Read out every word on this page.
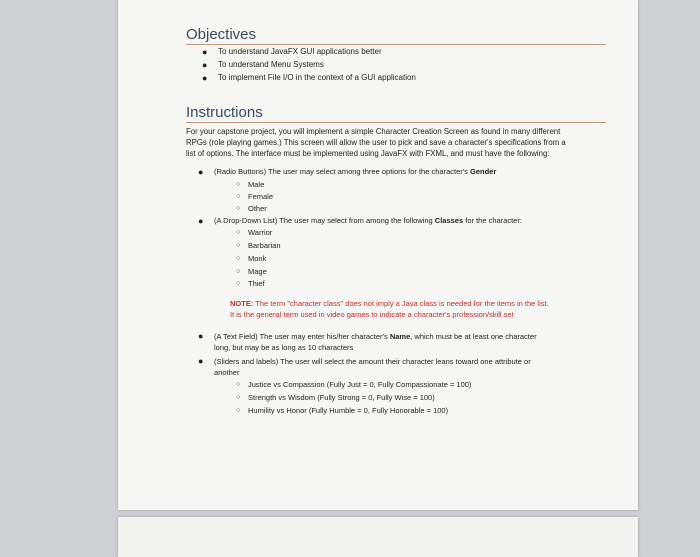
Objectives
● To understand JavaFX GUI applications better
● To understand Menu Systems
● To implement File I/O in the context of a GUI application
Instructions
For your capstone project, you will implement a simple Character Creation Screen as found in many different
RPGs (role playing games.) This screen will allow the user to pick and save a character's specifications from a
list of options. The interface must be implemented using JavaFX with FXML, and must have the following:
● (Radio Buttons) The user may select among three options for the character's Gender
○ Male
○ Female
○ Other
● (A Drop-Down List) The user may select from among the following Classes for the character:
○ Warrior
○ Barbarian
○ Monk
○ Mage
○ Thief
NOTE: The term "character class" does not imply a Java class is needed for the items in the list.
It is the general term used in video games to indicate a character's profession/skill set
● (A Text Field) The user may enter his/her character's Name, which must be at least one character
long, but may be as long as 10 characters
● (Sliders and labels) The user will select the amount their character leans toward one attribute or
another
○ Justice vs Compassion (Fully Just = 0, Fully Compassionate = 100)
○ Strength vs Wisdom (Fully Strong = 0, Fully Wise = 100)
○ Humility vs Honor (Fully Humble = 0, Fully Honorable = 100)
